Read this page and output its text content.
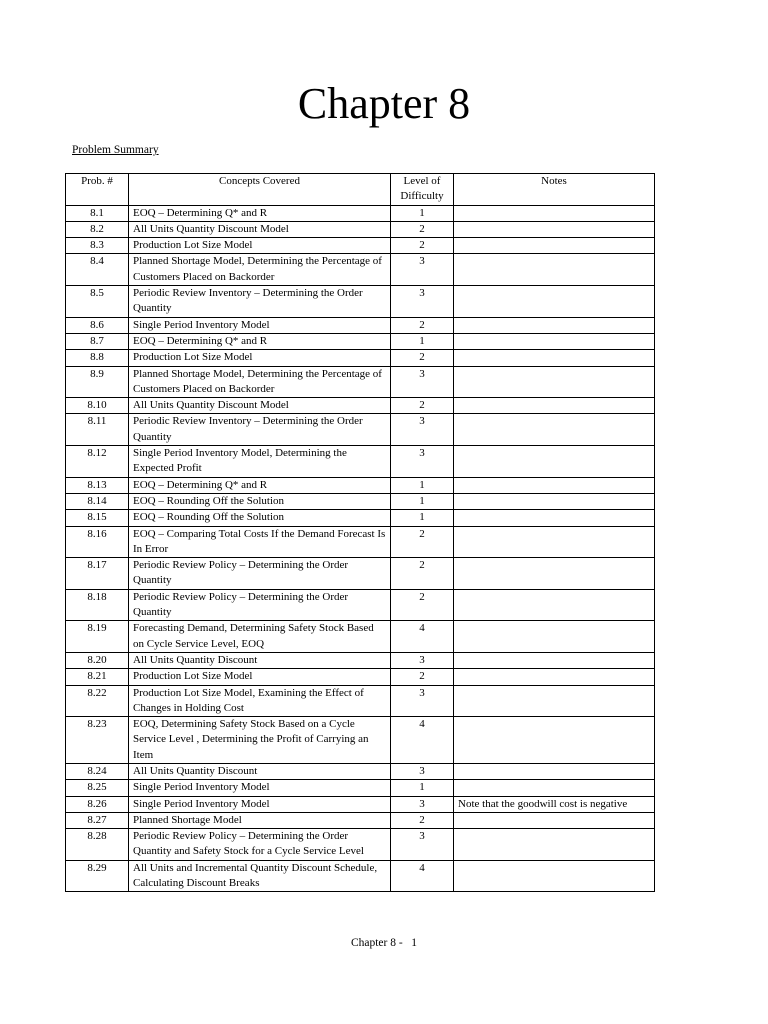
Chapter 8
Problem Summary
Prob. #	Concepts Covered	Level of Difficulty	Notes
8.1	EOQ – Determining Q* and R	1	
8.2	All Units Quantity Discount Model	2	
8.3	Production Lot Size Model	2	
8.4	Planned Shortage Model, Determining the Percentage of Customers Placed on Backorder	3	
8.5	Periodic Review Inventory – Determining the Order Quantity	3	
8.6	Single Period Inventory Model	2	
8.7	EOQ – Determining Q* and R	1	
8.8	Production Lot Size Model	2	
8.9	Planned Shortage Model, Determining the Percentage of Customers Placed on Backorder	3	
8.10	All Units Quantity Discount Model	2	
8.11	Periodic Review Inventory – Determining the Order Quantity	3	
8.12	Single Period Inventory Model, Determining the Expected Profit	3	
8.13	EOQ – Determining Q* and R	1	
8.14	EOQ – Rounding Off the Solution	1	
8.15	EOQ – Rounding Off the Solution	1	
8.16	EOQ – Comparing Total Costs If the Demand Forecast Is In Error	2	
8.17	Periodic Review Policy – Determining the Order Quantity	2	
8.18	Periodic Review Policy – Determining the Order Quantity	2	
8.19	Forecasting Demand, Determining Safety Stock Based on Cycle Service Level, EOQ	4	
8.20	All Units Quantity Discount	3	
8.21	Production Lot Size Model	2	
8.22	Production Lot Size Model, Examining the Effect of Changes in Holding Cost	3	
8.23	EOQ, Determining Safety Stock Based on a Cycle Service Level , Determining the Profit of Carrying an Item	4	
8.24	All Units Quantity Discount	3	
8.25	Single Period Inventory Model	1	
8.26	Single Period Inventory Model	3	Note that the goodwill cost is negative
8.27	Planned Shortage Model	2	
8.28	Periodic Review Policy – Determining the Order Quantity and Safety Stock for a Cycle Service Level	3	
8.29	All Units and Incremental Quantity Discount Schedule, Calculating Discount Breaks	4	
Chapter 8 -   1
